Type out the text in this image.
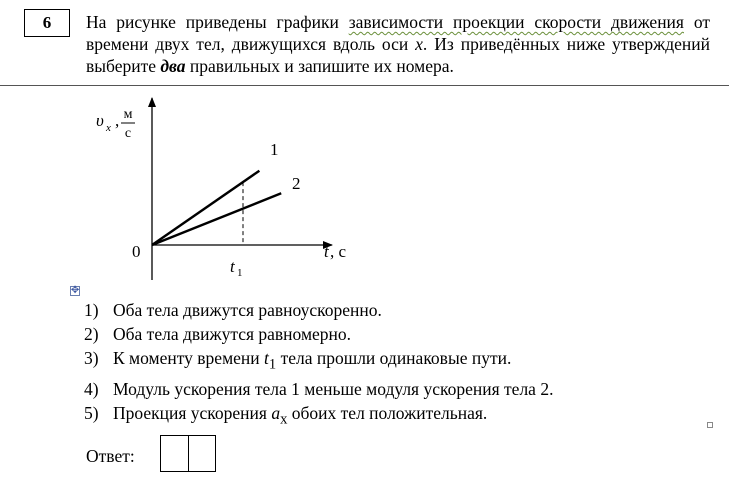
6	На рисунке приведены графики зависимости проекции скорости движения от времени двух тел, движущихся вдоль оси x. Из приведённых ниже утверждений выберите два правильных и запишите их номера.
υ x , м
с
0	t , c
t 1
1
2
✥
1) Оба тела движутся равноускоренно.
2) Оба тела движутся равномерно.
3) К моменту времени $t_1$ тела прошли одинаковые пути.
4) Модуль ускорения тела 1 меньше модуля ускорения тела 2.
5) Проекция ускорения $a_x$ обоих тел положительная.
Ответ:
